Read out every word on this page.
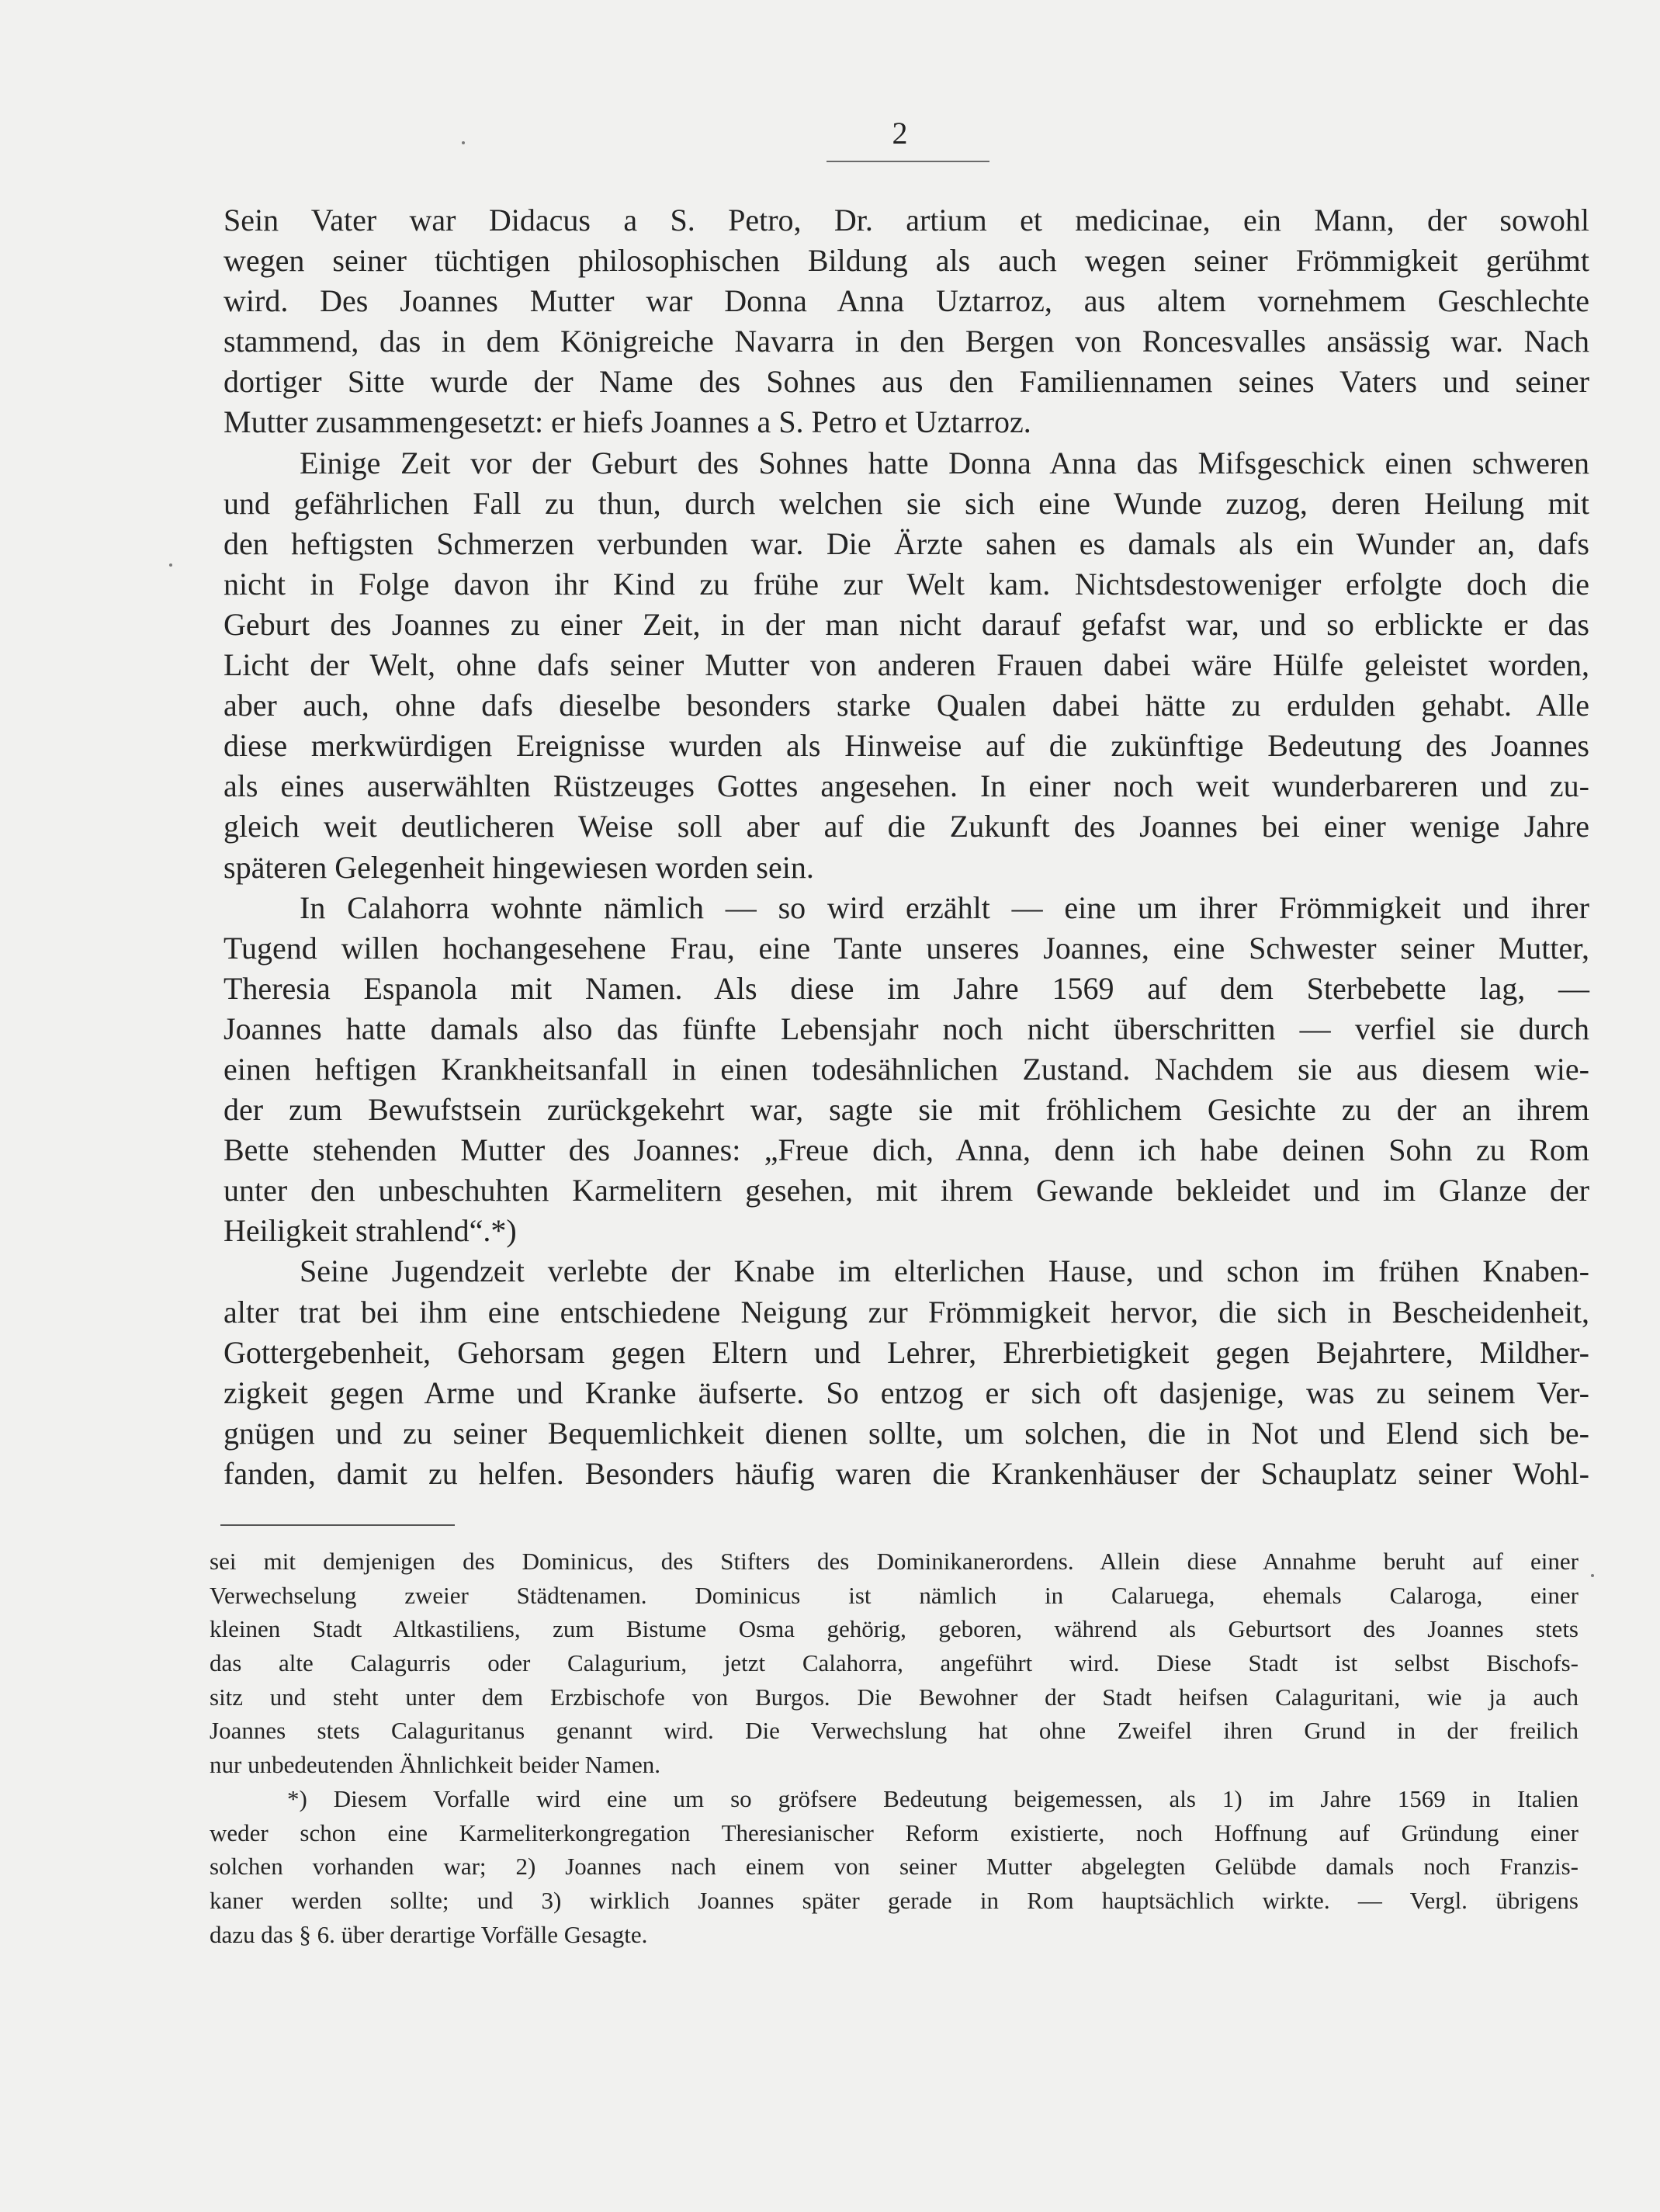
2
Sein Vater war Didacus a S. Petro, Dr. artium et medicinae, ein Mann, der sowohl
wegen seiner tüchtigen philosophischen Bildung als auch wegen seiner Frömmigkeit gerühmt
wird. Des Joannes Mutter war Donna Anna Uztarroz, aus altem vornehmem Geschlechte
stammend, das in dem Königreiche Navarra in den Bergen von Roncesvalles ansässig war. Nach
dortiger Sitte wurde der Name des Sohnes aus den Familiennamen seines Vaters und seiner
Mutter zusammengesetzt: er hiefs Joannes a S. Petro et Uztarroz.
Einige Zeit vor der Geburt des Sohnes hatte Donna Anna das Mifsgeschick einen schweren
und gefährlichen Fall zu thun, durch welchen sie sich eine Wunde zuzog, deren Heilung mit
den heftigsten Schmerzen verbunden war. Die Ärzte sahen es damals als ein Wunder an, dafs
nicht in Folge davon ihr Kind zu frühe zur Welt kam. Nichtsdestoweniger erfolgte doch die
Geburt des Joannes zu einer Zeit, in der man nicht darauf gefafst war, und so erblickte er das
Licht der Welt, ohne dafs seiner Mutter von anderen Frauen dabei wäre Hülfe geleistet worden,
aber auch, ohne dafs dieselbe besonders starke Qualen dabei hätte zu erdulden gehabt. Alle
diese merkwürdigen Ereignisse wurden als Hinweise auf die zukünftige Bedeutung des Joannes
als eines auserwählten Rüstzeuges Gottes angesehen. In einer noch weit wunderbareren und zu-
gleich weit deutlicheren Weise soll aber auf die Zukunft des Joannes bei einer wenige Jahre
späteren Gelegenheit hingewiesen worden sein.
In Calahorra wohnte nämlich — so wird erzählt — eine um ihrer Frömmigkeit und ihrer
Tugend willen hochangesehene Frau, eine Tante unseres Joannes, eine Schwester seiner Mutter,
Theresia Espanola mit Namen. Als diese im Jahre 1569 auf dem Sterbebette lag, —
Joannes hatte damals also das fünfte Lebensjahr noch nicht überschritten — verfiel sie durch
einen heftigen Krankheitsanfall in einen todesähnlichen Zustand. Nachdem sie aus diesem wie-
der zum Bewufstsein zurückgekehrt war, sagte sie mit fröhlichem Gesichte zu der an ihrem
Bette stehenden Mutter des Joannes: „Freue dich, Anna, denn ich habe deinen Sohn zu Rom
unter den unbeschuhten Karmelitern gesehen, mit ihrem Gewande bekleidet und im Glanze der
Heiligkeit strahlend“.*)
Seine Jugendzeit verlebte der Knabe im elterlichen Hause, und schon im frühen Knaben-
alter trat bei ihm eine entschiedene Neigung zur Frömmigkeit hervor, die sich in Bescheidenheit,
Gottergebenheit, Gehorsam gegen Eltern und Lehrer, Ehrerbietigkeit gegen Bejahrtere, Mildher-
zigkeit gegen Arme und Kranke äufserte. So entzog er sich oft dasjenige, was zu seinem Ver-
gnügen und zu seiner Bequemlichkeit dienen sollte, um solchen, die in Not und Elend sich be-
fanden, damit zu helfen. Besonders häufig waren die Krankenhäuser der Schauplatz seiner Wohl-
sei mit demjenigen des Dominicus, des Stifters des Dominikanerordens. Allein diese Annahme beruht auf einer
Verwechselung zweier Städtenamen. Dominicus ist nämlich in Calaruega, ehemals Calaroga, einer
kleinen Stadt Altkastiliens, zum Bistume Osma gehörig, geboren, während als Geburtsort des Joannes stets
das alte Calagurris oder Calagurium, jetzt Calahorra, angeführt wird. Diese Stadt ist selbst Bischofs-
sitz und steht unter dem Erzbischofe von Burgos. Die Bewohner der Stadt heifsen Calaguritani, wie ja auch
Joannes stets Calaguritanus genannt wird. Die Verwechslung hat ohne Zweifel ihren Grund in der freilich
nur unbedeutenden Ähnlichkeit beider Namen.
*) Diesem Vorfalle wird eine um so gröfsere Bedeutung beigemessen, als 1) im Jahre 1569 in Italien
weder schon eine Karmeliterkongregation Theresianischer Reform existierte, noch Hoffnung auf Gründung einer
solchen vorhanden war; 2) Joannes nach einem von seiner Mutter abgelegten Gelübde damals noch Franzis-
kaner werden sollte; und 3) wirklich Joannes später gerade in Rom hauptsächlich wirkte. — Vergl. übrigens
dazu das § 6. über derartige Vorfälle Gesagte.
